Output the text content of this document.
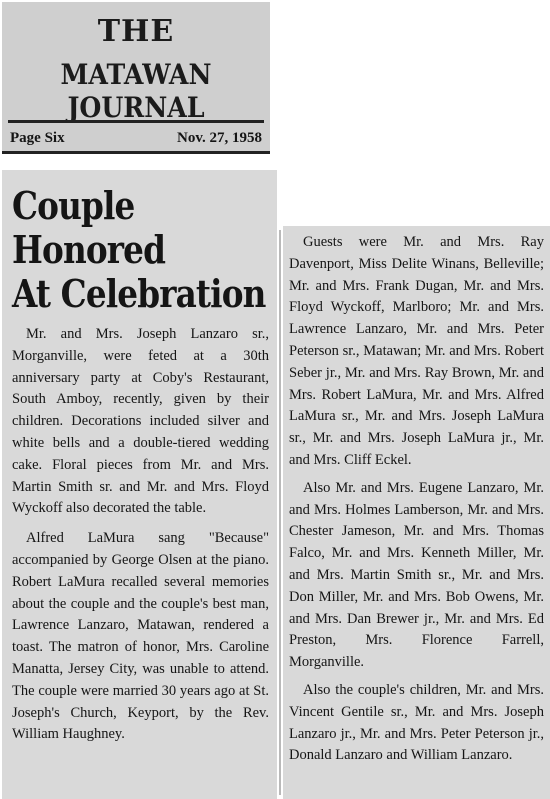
THE
MATAWAN JOURNAL
Page Six	Nov. 27, 1958
Couple Honored
At Celebration

Mr. and Mrs. Joseph Lanzaro sr., Morganville, were feted at a 30th anniversary party at Coby's Restaurant, South Amboy, recently, given by their children. Decorations included silver and white bells and a double-tiered wedding cake. Floral pieces from Mr. and Mrs. Martin Smith sr. and Mr. and Mrs. Floyd Wyckoff also decorated the table.

Alfred LaMura sang "Because" accompanied by George Olsen at the piano. Robert LaMura recalled several memories about the couple and the couple's best man, Lawrence Lanzaro, Matawan, rendered a toast. The matron of honor, Mrs. Caroline Manatta, Jersey City, was unable to attend. The couple were married 30 years ago at St. Joseph's Church, Keyport, by the Rev. William Haughney.

Guests were Mr. and Mrs. Ray Davenport, Miss Delite Winans, Belleville; Mr. and Mrs. Frank Dugan, Mr. and Mrs. Floyd Wyckoff, Marlboro; Mr. and Mrs. Lawrence Lanzaro, Mr. and Mrs. Peter Peterson sr., Matawan; Mr. and Mrs. Robert Seber jr., Mr. and Mrs. Ray Brown, Mr. and Mrs. Robert LaMura, Mr. and Mrs. Alfred LaMura sr., Mr. and Mrs. Joseph LaMura sr., Mr. and Mrs. Joseph LaMura jr., Mr. and Mrs. Cliff Eckel.

Also Mr. and Mrs. Eugene Lanzaro, Mr. and Mrs. Holmes Lamberson, Mr. and Mrs. Chester Jameson, Mr. and Mrs. Thomas Falco, Mr. and Mrs. Kenneth Miller, Mr. and Mrs. Martin Smith sr., Mr. and Mrs. Don Miller, Mr. and Mrs. Bob Owens, Mr. and Mrs. Dan Brewer jr., Mr. and Mrs. Ed Preston, Mrs. Florence Farrell, Morganville.

Also the couple's children, Mr. and Mrs. Vincent Gentile sr., Mr. and Mrs. Joseph Lanzaro jr., Mr. and Mrs. Peter Peterson jr., Donald Lanzaro and William Lanzaro.
